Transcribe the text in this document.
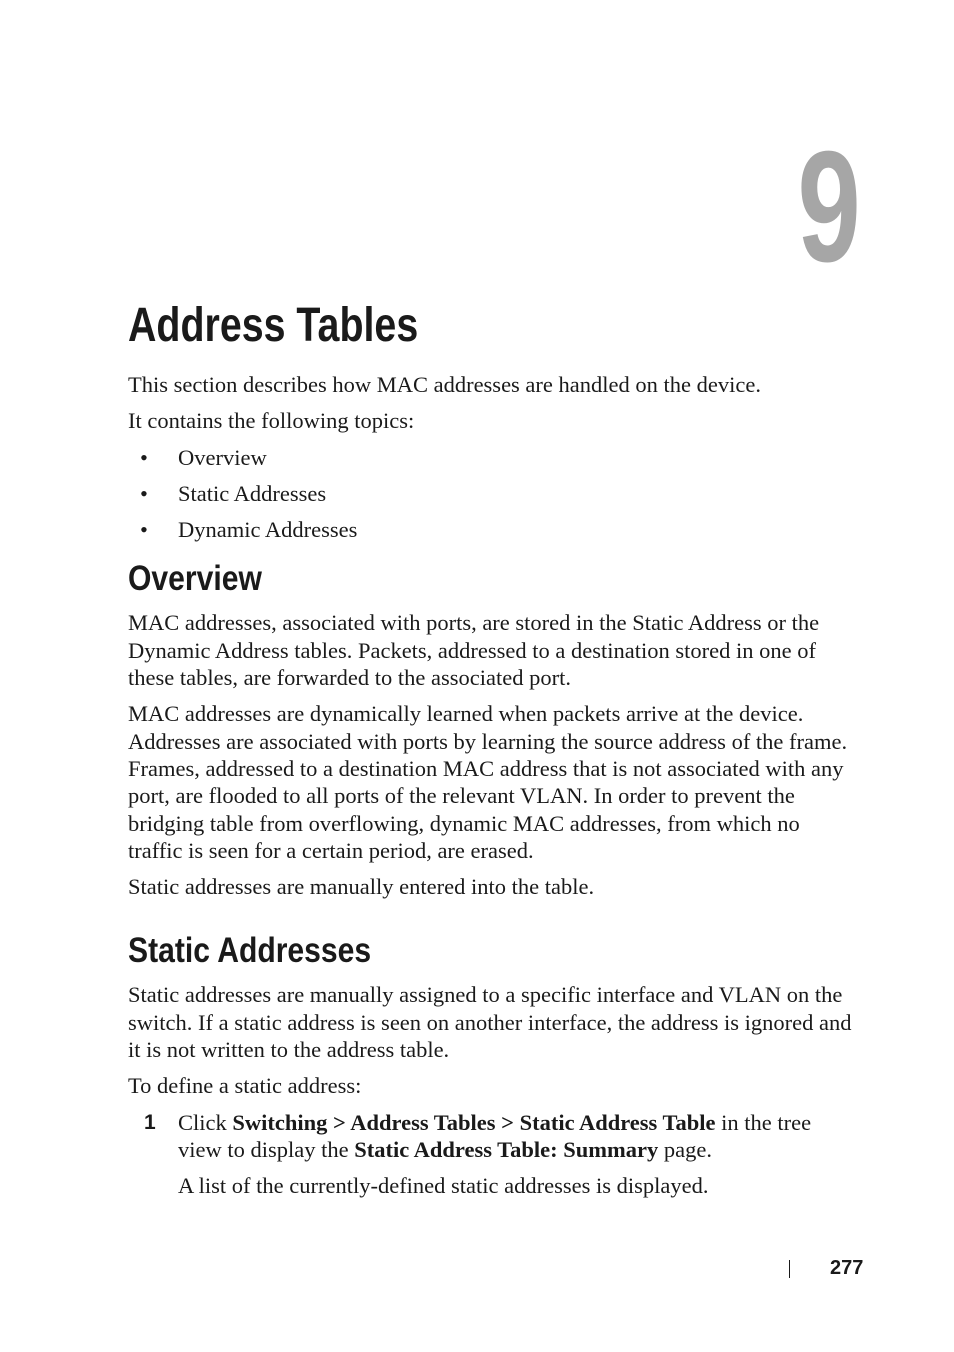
9
Address Tables

This section describes how MAC addresses are handled on the device.

It contains the following topics:

• Overview
• Static Addresses
• Dynamic Addresses
Overview

MAC addresses, associated with ports, are stored in the Static Address or the Dynamic Address tables. Packets, addressed to a destination stored in one of these tables, are forwarded to the associated port.

MAC addresses are dynamically learned when packets arrive at the device. Addresses are associated with ports by learning the source address of the frame. Frames, addressed to a destination MAC address that is not associated with any port, are flooded to all ports of the relevant VLAN. In order to prevent the bridging table from overflowing, dynamic MAC addresses, from which no traffic is seen for a certain period, are erased.

Static addresses are manually entered into the table.

Static Addresses

Static addresses are manually assigned to a specific interface and VLAN on the switch. If a static address is seen on another interface, the address is ignored and it is not written to the address table.

To define a static address:

1 Click Switching > Address Tables > Static Address Table in the tree view to display the Static Address Table: Summary page.

A list of the currently-defined static addresses is displayed.

277
